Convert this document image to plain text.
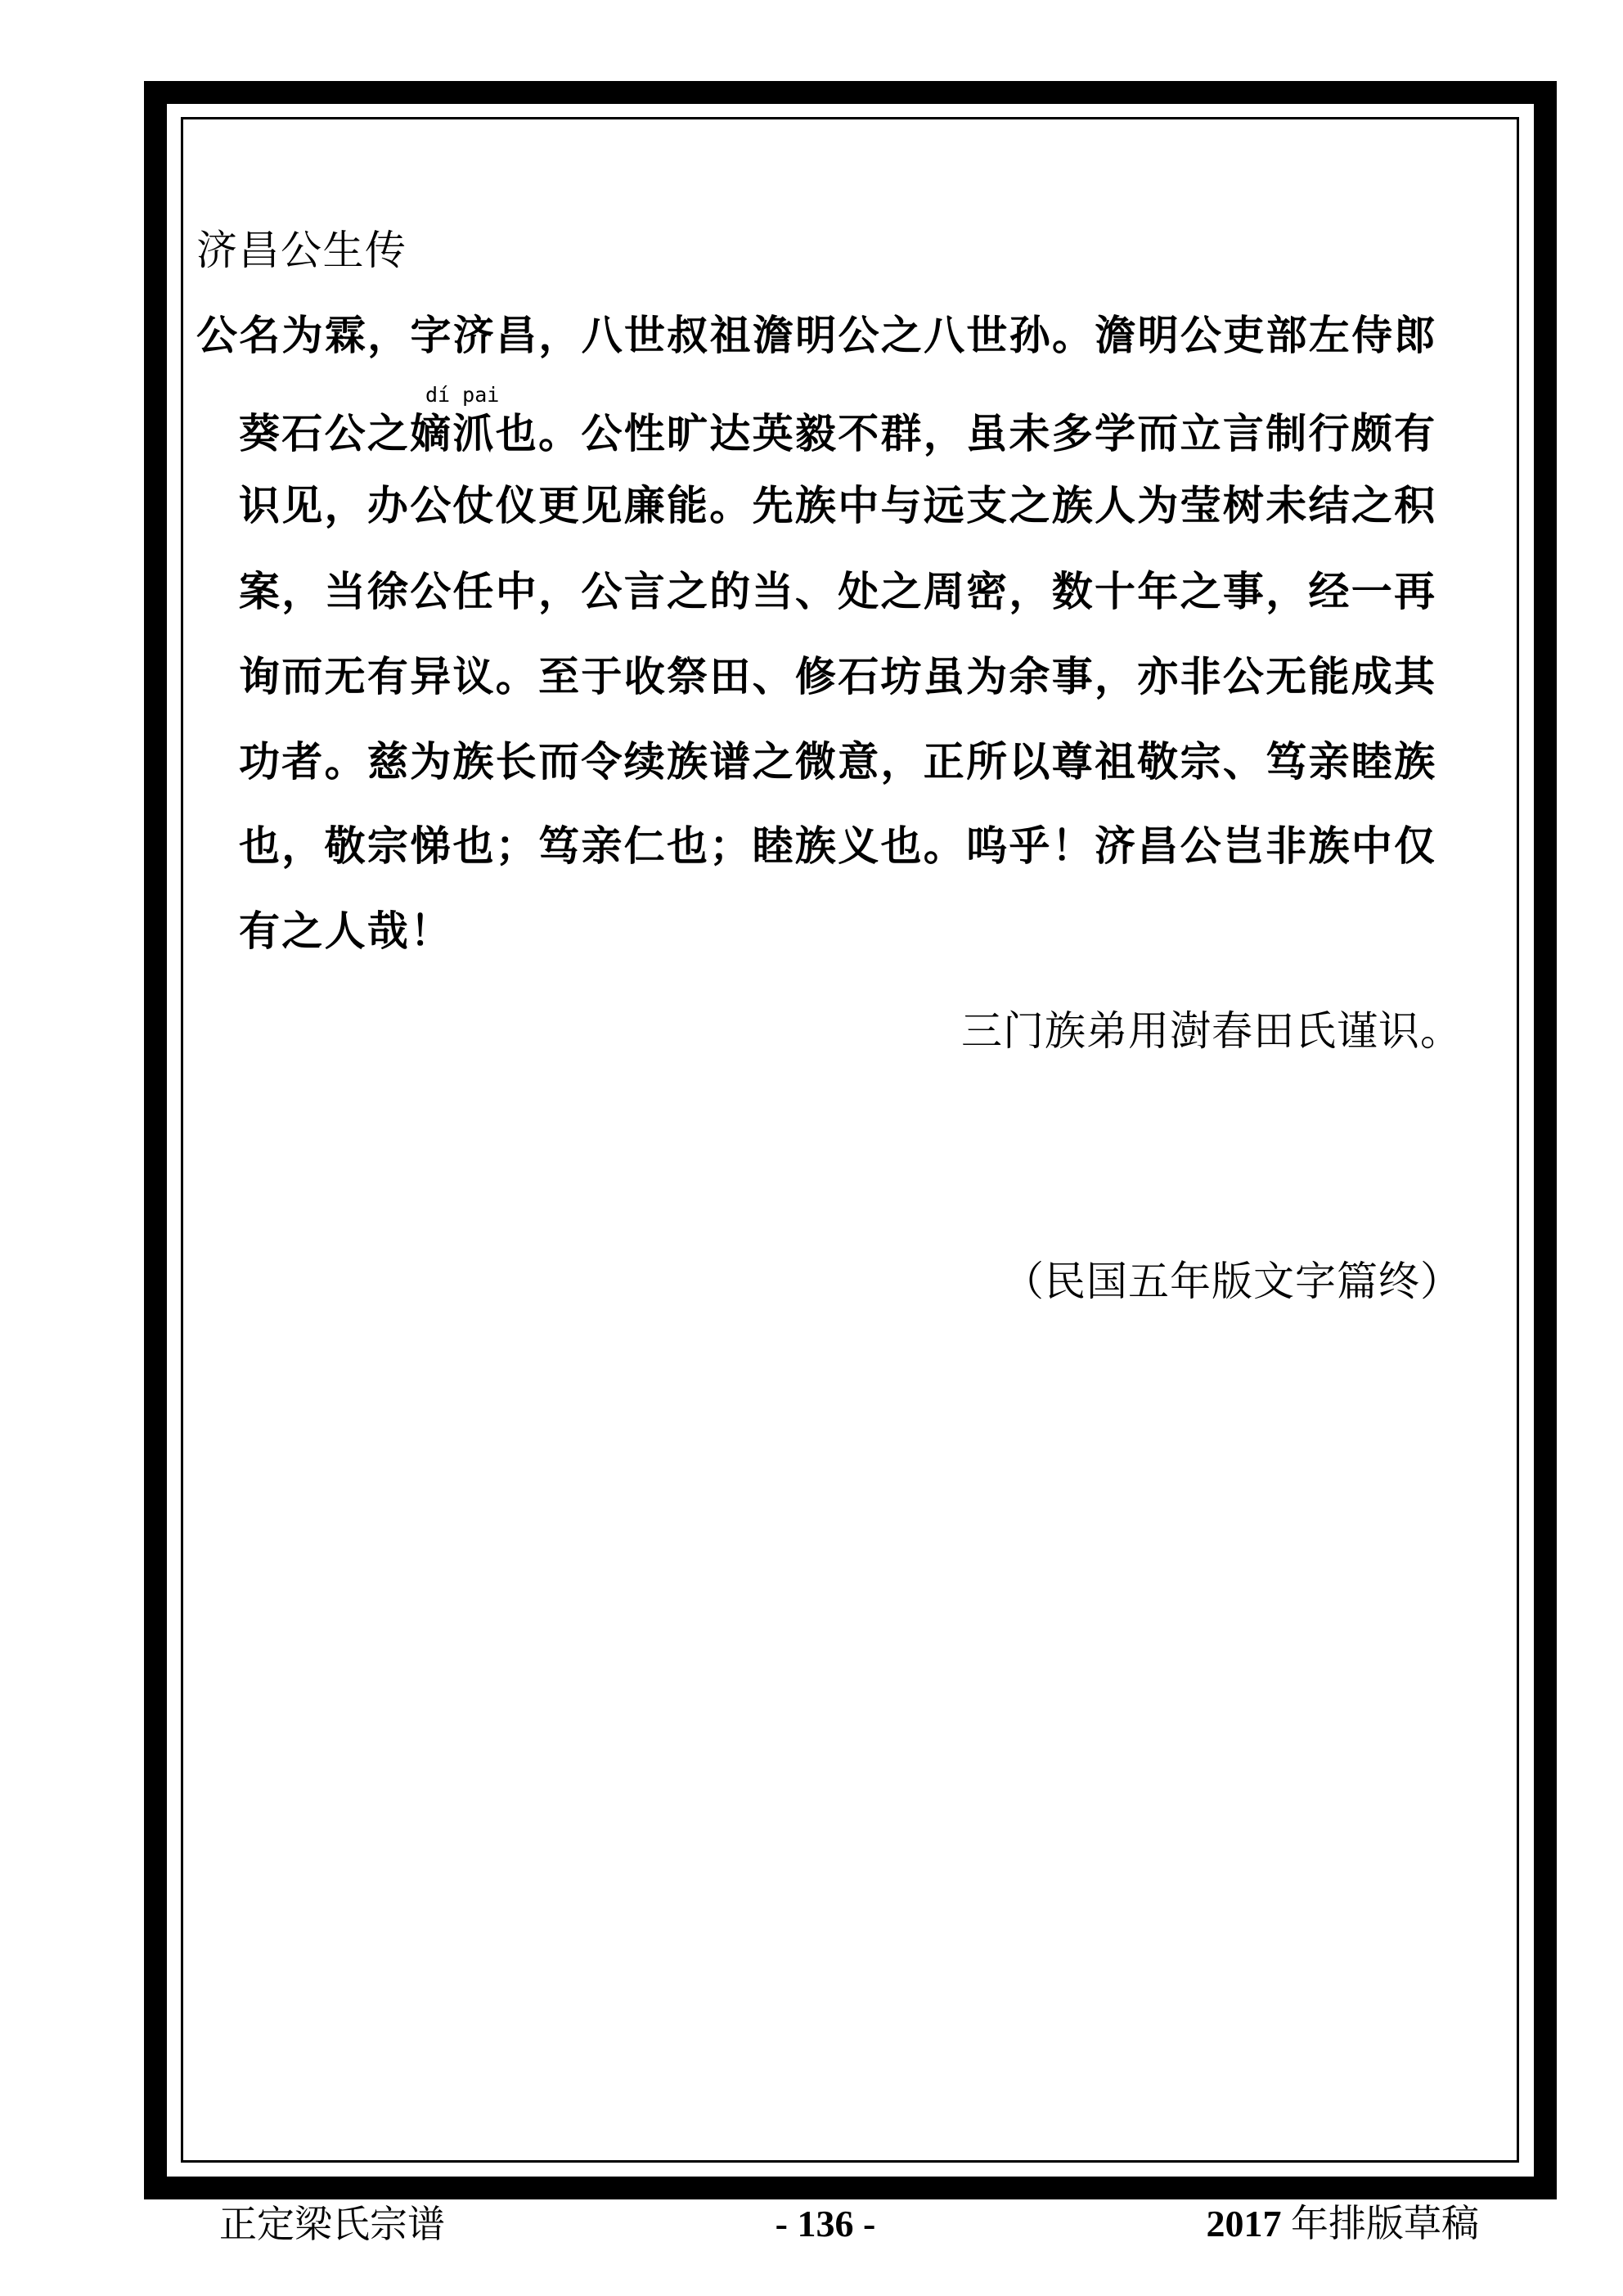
济昌公生传
dí pai
公名为霖，字济昌，八世叔祖澹明公之八世孙。澹明公吏部左侍郎
葵石公之嫡沠也。公性旷达英毅不群，虽未多学而立言制行颇有
识见，办公仗仪更见廉能。先族中与远支之族人为莹树未结之积
案，当徐公任中，公言之的当、处之周密，数十年之事，经一再
询而无有异议。至于收祭田、修石坊虽为余事，亦非公无能成其
功者。慈为族长而令续族谱之微意，正所以尊祖敬宗、笃亲睦族
也，敬宗悌也；笃亲仁也；睦族义也。呜乎！济昌公岂非族中仅
有之人哉！
三门族弟用澍春田氏谨识。
（民国五年版文字篇终）
正定梁氏宗谱	- 136 -	2017 年排版草稿
